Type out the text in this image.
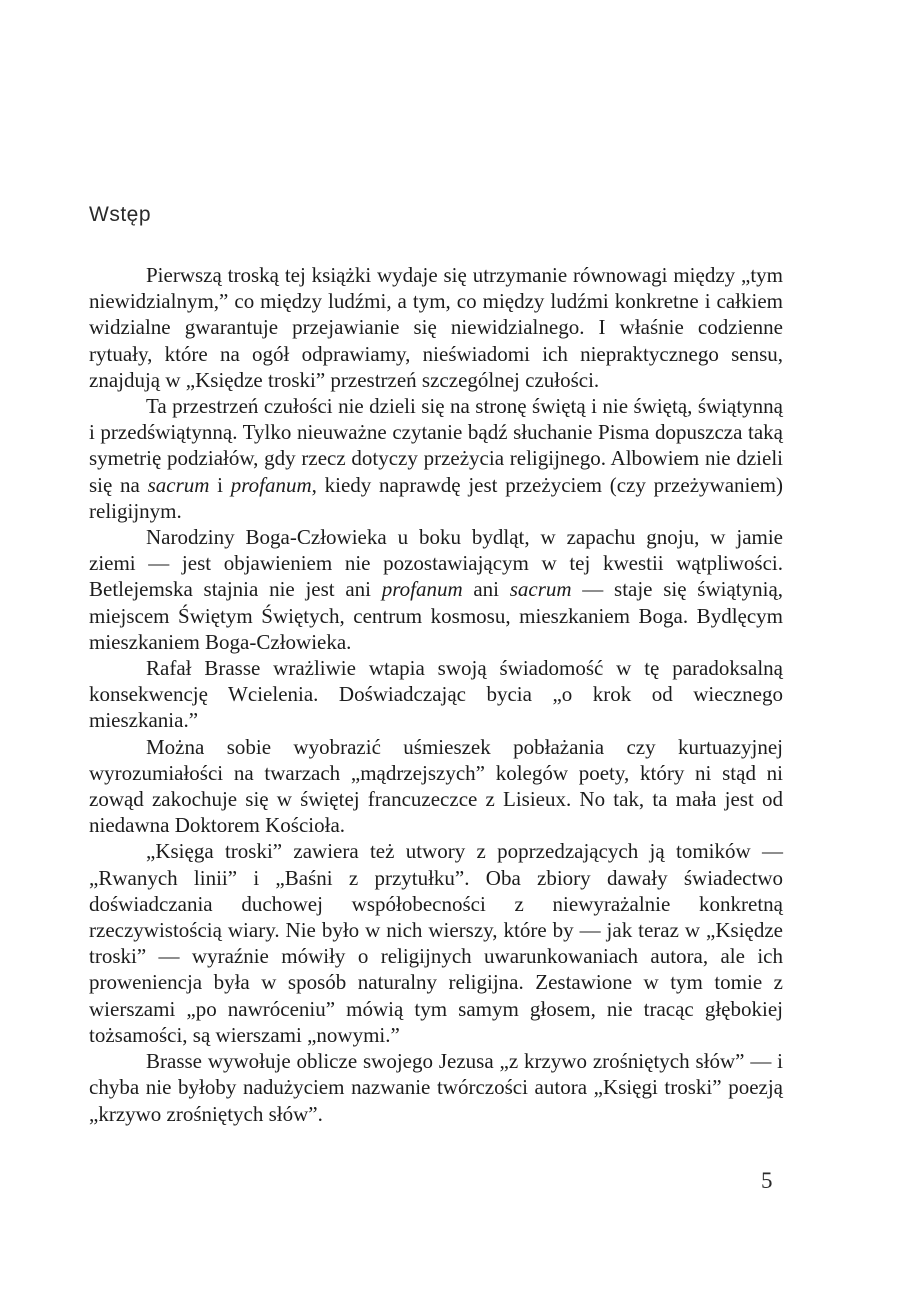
Wstęp

Pierwszą troską tej książki wydaje się utrzymanie równowagi między „tym niewidzialnym,” co między ludźmi, a tym, co między ludźmi konkretne i całkiem widzialne gwarantuje przejawianie się niewidzialnego. I właśnie codzienne rytuały, które na ogół odprawiamy, nieświadomi ich niepraktycznego sensu, znajdują w „Księdze troski” przestrzeń szczególnej czułości.

Ta przestrzeń czułości nie dzieli się na stronę świętą i nie świętą, świątynną i przedświątynną. Tylko nieuważne czytanie bądź słuchanie Pisma dopuszcza taką symetrię podziałów, gdy rzecz dotyczy przeżycia religijnego. Albowiem nie dzieli się na sacrum i profanum, kiedy naprawdę jest przeżyciem (czy przeżywaniem) religijnym.

Narodziny Boga-Człowieka u boku bydląt, w zapachu gnoju, w jamie ziemi — jest objawieniem nie pozostawiającym w tej kwestii wątpliwości. Betlejemska stajnia nie jest ani profanum ani sacrum — staje się świątynią, miejscem Świętym Świętych, centrum kosmosu, mieszkaniem Boga. Bydlęcym mieszkaniem Boga-Człowieka.

Rafał Brasse wrażliwie wtapia swoją świadomość w tę paradoksalną konsekwencję Wcielenia. Doświadczając bycia „o krok od wiecznego mieszkania.”

Można sobie wyobrazić uśmieszek pobłażania czy kurtuazyjnej wyrozumiałości na twarzach „mądrzejszych” kolegów poety, który ni stąd ni zowąd zakochuje się w świętej francuzeczce z Lisieux. No tak, ta mała jest od niedawna Doktorem Kościoła.

„Księga troski” zawiera też utwory z poprzedzających ją tomików — „Rwanych linii” i „Baśni z przytułku”. Oba zbiory dawały świadectwo doświadczania duchowej współobecności z niewyrażalnie konkretną rzeczywistością wiary. Nie było w nich wierszy, które by — jak teraz w „Księdze troski” — wyraźnie mówiły o religijnych uwarunkowaniach autora, ale ich proweniencja była w sposób naturalny religijna. Zestawione w tym tomie z wierszami „po nawróceniu” mówią tym samym głosem, nie tracąc głębokiej tożsamości, są wierszami „nowymi.”

Brasse wywołuje oblicze swojego Jezusa „z krzywo zrośniętych słów” — i chyba nie byłoby nadużyciem nazwanie twórczości autora „Księgi troski” poezją „krzywo zrośniętych słów”.

5
